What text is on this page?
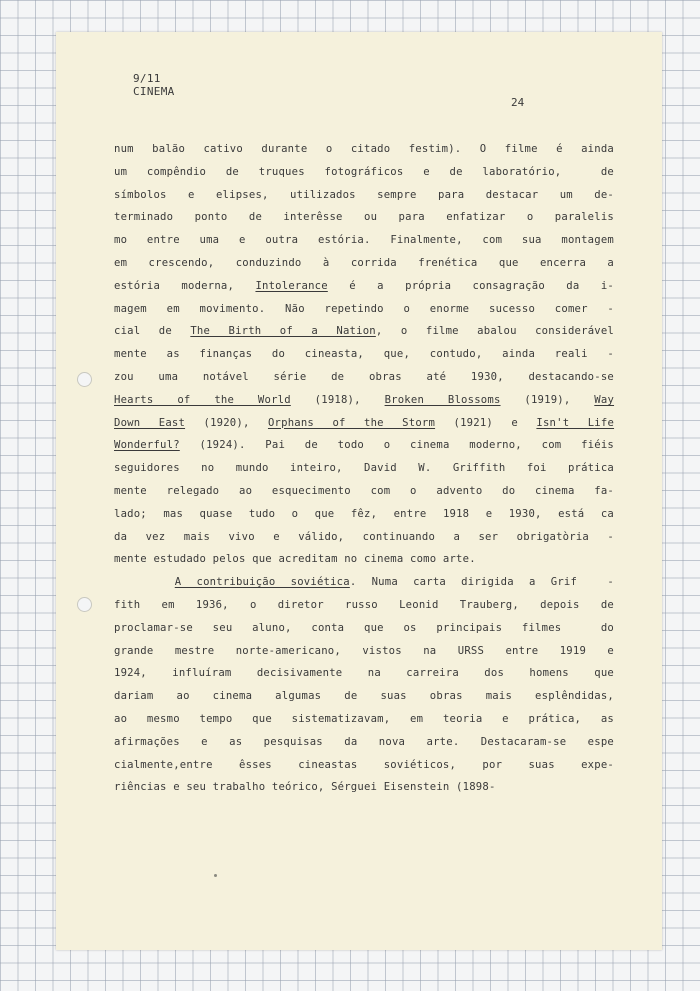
9/11
CINEMA
24
num balão cativo durante o citado festim). O filme é ainda
um compêndio de truques fotográficos e de laboratório,  de
símbolos e elipses, utilizados sempre para destacar um de-
terminado ponto de interêsse ou para enfatizar o paralelis
mo entre uma e outra estória. Finalmente, com sua montagem
em crescendo, conduzindo à corrida frenética que encerra a
estória moderna, Intolerance é a própria consagração da i-
magem em movimento. Não repetindo o enorme sucesso comer -
cial de The Birth of a Nation, o filme abalou considerável
mente as finanças do cineasta, que, contudo, ainda reali -
zou uma notável série de obras até 1930, destacando-se
Hearts of the World (1918), Broken Blossoms (1919), Way
Down East (1920), Orphans of the Storm (1921) e Isn't Life
Wonderful? (1924). Pai de todo o cinema moderno, com fiéis
seguidores no mundo inteiro, David W. Griffith foi prática
mente relegado ao esquecimento com o advento do cinema fa-
lado; mas quase tudo o que fêz, entre 1918 e 1930, está ca
da vez mais vivo e válido, continuando a ser obrigatòria -
mente estudado pelos que acreditam no cinema como arte.
A contribuição soviética. Numa carta dirigida a Grif  -
fith em 1936, o diretor russo Leonid Trauberg, depois de
proclamar-se seu aluno, conta que os principais filmes  do
grande mestre norte-americano, vistos na URSS entre 1919 e
1924, influíram decisivamente na carreira dos homens que
dariam ao cinema algumas de suas obras mais esplêndidas,
ao mesmo tempo que sistematizavam, em teoria e prática, as
afirmações e as pesquisas da nova arte. Destacaram-se espe
cialmente,entre êsses cineastas soviéticos, por suas expe-
riências e seu trabalho teórico, Sérguei Eisenstein (1898-
